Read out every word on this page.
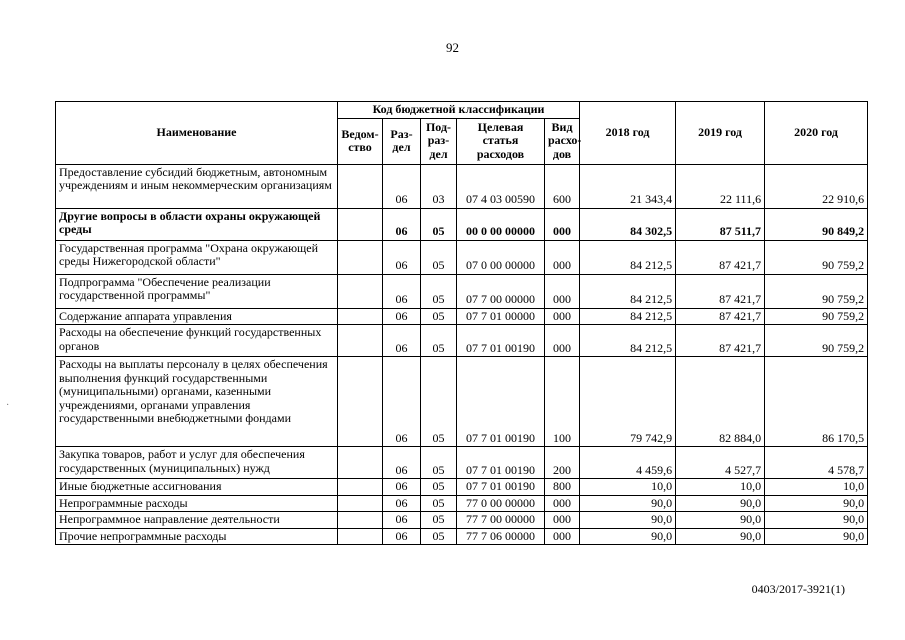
92
·
Наименование	Код бюджетной классификации					2018 год	2019 год	2020 год
	Ведом-ство	Раз-дел	Под-раз-дел	Целевая статья расходов	Вид расхо-дов			
Предоставление субсидий бюджетным, автономным учреждениям и иным некоммерческим организациям		06	03	07 4 03 00590	600	21 343,4	22 111,6	22 910,6
Другие вопросы в области охраны окружающей среды		06	05	00 0 00 00000	000	84 302,5	87 511,7	90 849,2
Государственная программа "Охрана окружающей среды Нижегородской области"		06	05	07 0 00 00000	000	84 212,5	87 421,7	90 759,2
Подпрограмма "Обеспечение реализации государственной программы"		06	05	07 7 00 00000	000	84 212,5	87 421,7	90 759,2
Содержание аппарата управления		06	05	07 7 01 00000	000	84 212,5	87 421,7	90 759,2
Расходы на обеспечение функций государственных органов		06	05	07 7 01 00190	000	84 212,5	87 421,7	90 759,2
Расходы на выплаты персоналу в целях обеспечения выполнения функций государственными (муниципальными) органами, казенными учреждениями, органами управления государственными внебюджетными фондами		06	05	07 7 01 00190	100	79 742,9	82 884,0	86 170,5
Закупка товаров, работ и услуг для обеспечения государственных (муниципальных) нужд		06	05	07 7 01 00190	200	4 459,6	4 527,7	4 578,7
Иные бюджетные ассигнования		06	05	07 7 01 00190	800	10,0	10,0	10,0
Непрограммные расходы		06	05	77 0 00 00000	000	90,0	90,0	90,0
Непрограммное направление деятельности		06	05	77 7 00 00000	000	90,0	90,0	90,0
Прочие непрограммные расходы		06	05	77 7 06 00000	000	90,0	90,0	90,0
0403/2017-3921(1)
